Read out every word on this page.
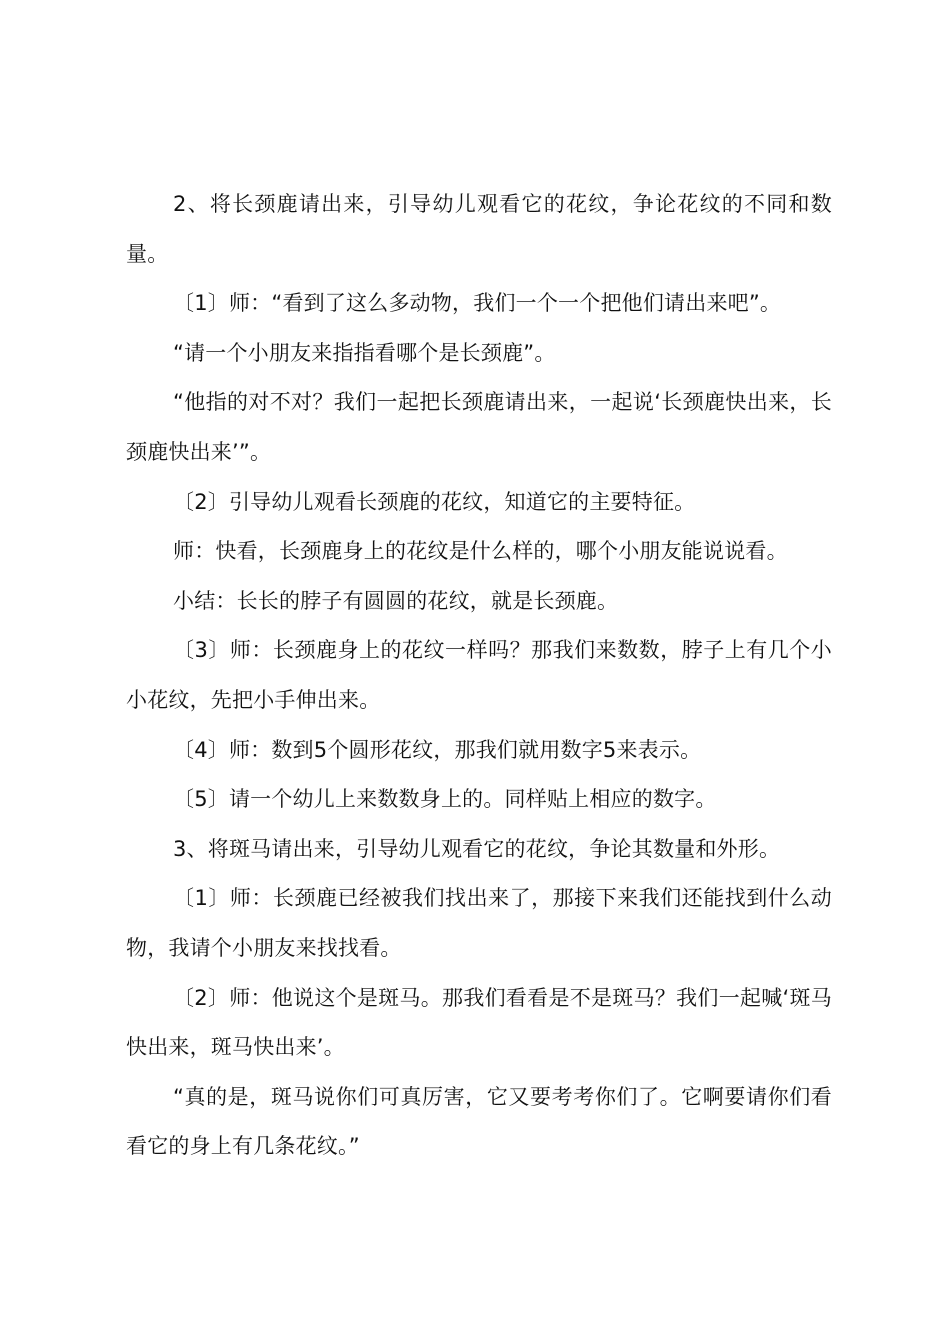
2、将长颈鹿请出来，引导幼儿观看它的花纹，争论花纹的不同和数量。

〔1〕师：“看到了这么多动物，我们一个一个把他们请出来吧”。

“请一个小朋友来指指看哪个是长颈鹿”。

“他指的对不对？我们一起把长颈鹿请出来，一起说‘长颈鹿快出来，长颈鹿快出来’”。

〔2〕引导幼儿观看长颈鹿的花纹，知道它的主要特征。

师：快看，长颈鹿身上的花纹是什么样的，哪个小朋友能说说看。

小结：长长的脖子有圆圆的花纹，就是长颈鹿。

〔3〕师：长颈鹿身上的花纹一样吗？那我们来数数，脖子上有几个小小花纹，先把小手伸出来。

〔4〕师：数到5个圆形花纹，那我们就用数字5来表示。

〔5〕请一个幼儿上来数数身上的。同样贴上相应的数字。

3、将斑马请出来，引导幼儿观看它的花纹，争论其数量和外形。

〔1〕师：长颈鹿已经被我们找出来了，那接下来我们还能找到什么动物，我请个小朋友来找找看。

〔2〕师：他说这个是斑马。那我们看看是不是斑马？我们一起喊‘斑马快出来，斑马快出来’。

“真的是，斑马说你们可真厉害，它又要考考你们了。它啊要请你们看看它的身上有几条花纹。”
